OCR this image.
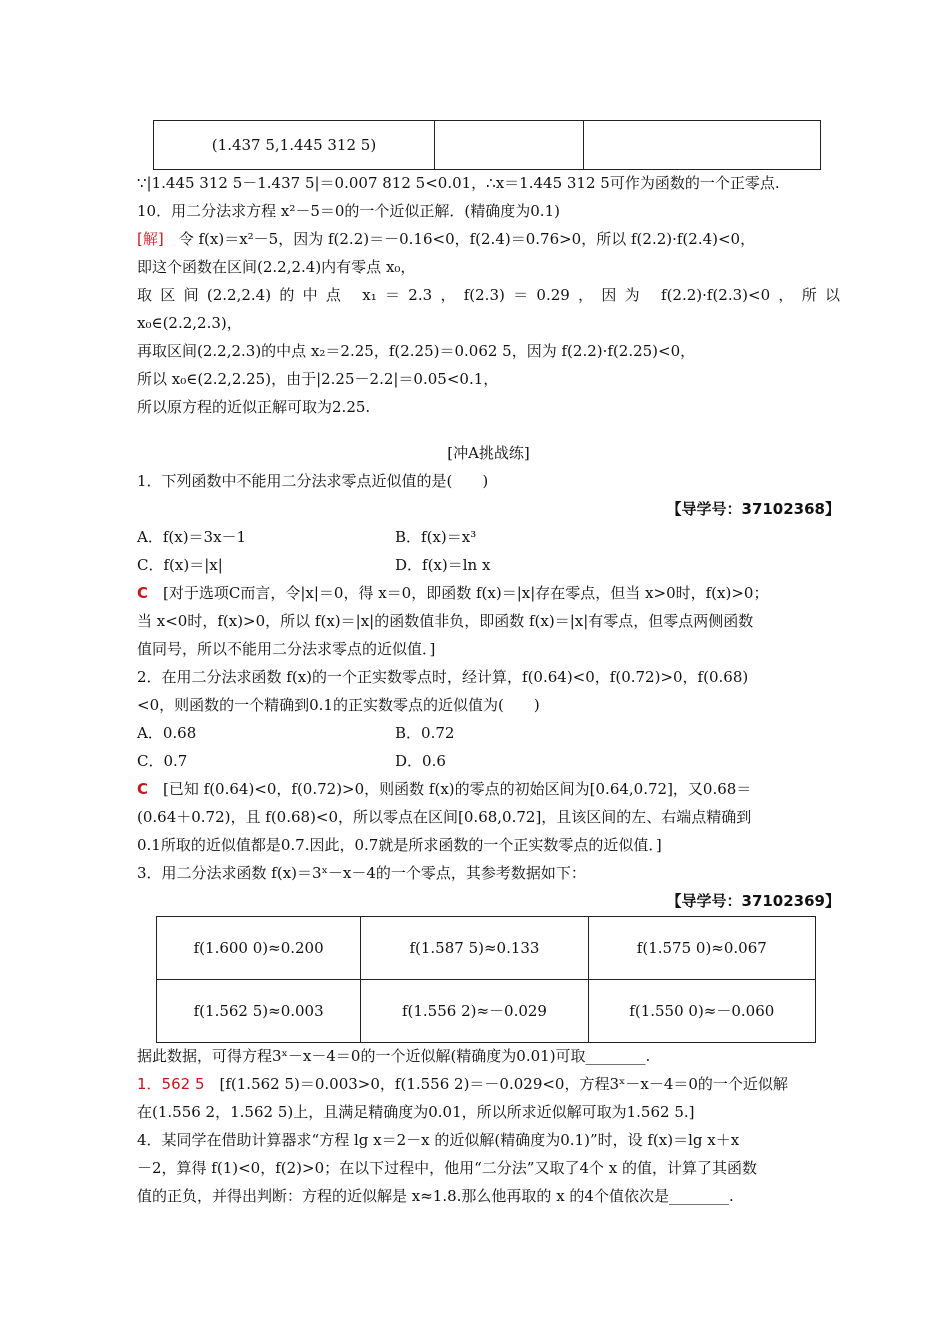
(1.437 5,1.445 312 5)		
∵|1.445 312 5－1.437 5|＝0.007 812 5<0.01，∴x＝1.445 312 5可作为函数的一个正零点.
10．用二分法求方程 x²－5＝0的一个近似正解．(精确度为0.1)
[解]　令 f(x)＝x²－5，因为 f(2.2)＝－0.16<0，f(2.4)＝0.76>0，所以 f(2.2)·f(2.4)<0，
即这个函数在区间(2.2,2.4)内有零点 x₀，
取区间(2.2,2.4)的中点 x₁＝2.3，f(2.3)＝0.29，因为 f(2.2)·f(2.3)<0，所以
x₀∈(2.2,2.3)，
再取区间(2.2,2.3)的中点 x₂＝2.25，f(2.25)＝0.062 5，因为 f(2.2)·f(2.25)<0，
所以 x₀∈(2.2,2.25)，由于|2.25－2.2|＝0.05<0.1，
所以原方程的近似正解可取为2.25.
[冲A挑战练]
1．下列函数中不能用二分法求零点近似值的是(　　)
【导学号：37102368】
A．f(x)＝3x－1	B．f(x)＝x³
C．f(x)＝|x|	D．f(x)＝ln x
C　[对于选项C而言，令|x|＝0，得 x＝0，即函数 f(x)＝|x|存在零点，但当 x>0时，f(x)>0；
当 x<0时，f(x)>0，所以 f(x)＝|x|的函数值非负，即函数 f(x)＝|x|有零点，但零点两侧函数
值同号，所以不能用二分法求零点的近似值．]
2．在用二分法求函数 f(x)的一个正实数零点时，经计算，f(0.64)<0，f(0.72)>0，f(0.68)
<0，则函数的一个精确到0.1的正实数零点的近似值为(　　)
A．0.68	B．0.72
C．0.7	D．0.6
C　[已知 f(0.64)<0，f(0.72)>0，则函数 f(x)的零点的初始区间为[0.64,0.72]，又0.68＝
(0.64＋0.72)，且 f(0.68)<0，所以零点在区间[0.68,0.72]，且该区间的左、右端点精确到
0.1所取的近似值都是0.7.因此，0.7就是所求函数的一个正实数零点的近似值．]
3．用二分法求函数 f(x)＝3ˣ－x－4的一个零点，其参考数据如下：
【导学号：37102369】
f(1.600 0)≈0.200	f(1.587 5)≈0.133	f(1.575 0)≈0.067
f(1.562 5)≈0.003	f(1.556 2)≈－0.029	f(1.550 0)≈－0.060
据此数据，可得方程3ˣ－x－4＝0的一个近似解(精确度为0.01)可取________.
1．562 5　[f(1.562 5)＝0.003>0，f(1.556 2)＝－0.029<0，方程3ˣ－x－4＝0的一个近似解
在(1.556 2，1.562 5)上，且满足精确度为0.01，所以所求近似解可取为1.562 5.]
4．某同学在借助计算器求“方程 lg x＝2－x 的近似解(精确度为0.1)”时，设 f(x)＝lg x＋x
－2，算得 f(1)<0，f(2)>0；在以下过程中，他用“二分法”又取了4个 x 的值，计算了其函数
值的正负，并得出判断：方程的近似解是 x≈1.8.那么他再取的 x 的4个值依次是________.
